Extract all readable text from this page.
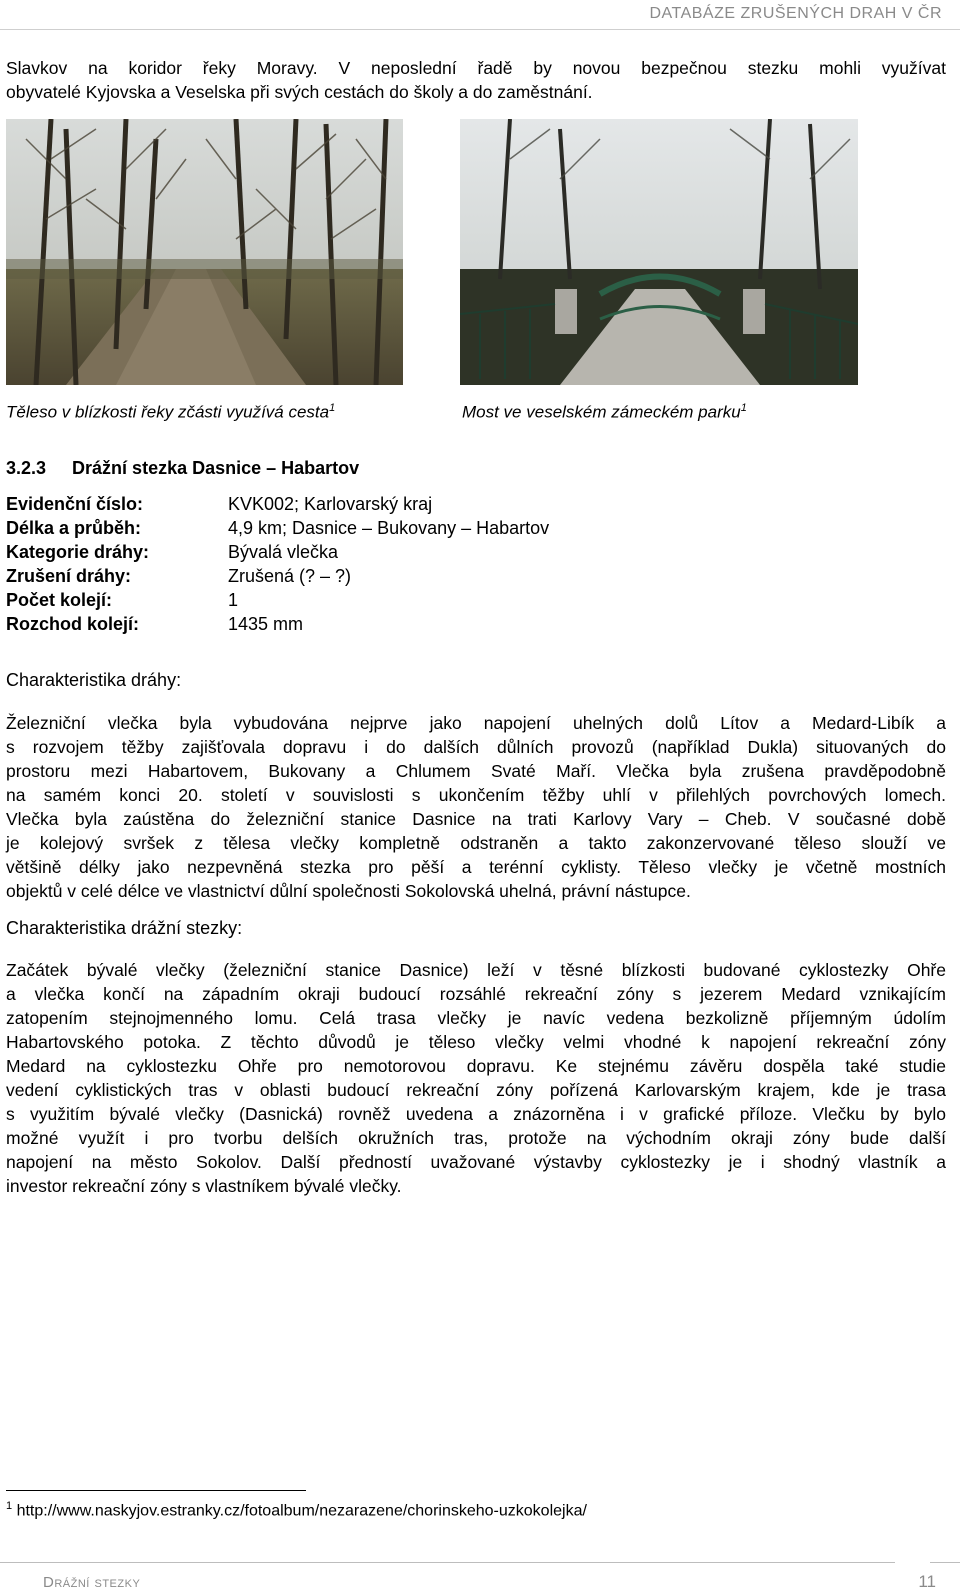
DATABÁZE ZRUŠENÝCH DRAH V ČR
Slavkov na koridor řeky Moravy. V neposlední řadě by novou bezpečnou stezku mohli využívat
obyvatelé Kyjovska a Veselska při svých cestách do školy a do zaměstnání.
Těleso v blízkosti řeky zčásti využívá cesta$^1$	Most ve veselském zámeckém parku$^1$
3.2.3 Drážní stezka Dasnice – Habartov
Evidenční číslo:	KVK002; Karlovarský kraj
Délka a průběh:	4,9 km; Dasnice – Bukovany – Habartov
Kategorie dráhy:	Bývalá vlečka
Zrušení dráhy:	Zrušená (? – ?)
Počet kolejí:	1
Rozchod kolejí:	1435 mm
Charakteristika dráhy:
Železniční vlečka byla vybudována nejprve jako napojení uhelných dolů Lítov a Medard-Libík a
s rozvojem těžby zajišťovala dopravu i do dalších důlních provozů (například Dukla) situovaných do
prostoru mezi Habartovem, Bukovany a Chlumem Svaté Maří. Vlečka byla zrušena pravděpodobně
na samém konci 20. století v souvislosti s ukončením těžby uhlí v přilehlých povrchových lomech.
Vlečka byla zaústěna do železniční stanice Dasnice na trati Karlovy Vary – Cheb. V současné době
je kolejový svršek z tělesa vlečky kompletně odstraněn a takto zakonzervované těleso slouží ve
většině délky jako nezpevněná stezka pro pěší a terénní cyklisty. Těleso vlečky je včetně mostních
objektů v celé délce ve vlastnictví důlní společnosti Sokolovská uhelná, právní nástupce.
Charakteristika drážní stezky:
Začátek bývalé vlečky (železniční stanice Dasnice) leží v těsné blízkosti budované cyklostezky Ohře
a vlečka končí na západním okraji budoucí rozsáhlé rekreační zóny s jezerem Medard vznikajícím
zatopením stejnojmenného lomu. Celá trasa vlečky je navíc vedena bezkolizně příjemným údolím
Habartovského potoka. Z těchto důvodů je těleso vlečky velmi vhodné k napojení rekreační zóny
Medard na cyklostezku Ohře pro nemotorovou dopravu. Ke stejnému závěru dospěla také studie
vedení cyklistických tras v oblasti budoucí rekreační zóny pořízená Karlovarským krajem, kde je trasa
s využitím bývalé vlečky (Dasnická) rovněž uvedena a znázorněna i v grafické příloze. Vlečku by bylo
možné využít i pro tvorbu delších okružních tras, protože na východním okraji zóny bude další
napojení na město Sokolov. Další předností uvažované výstavby cyklostezky je i shodný vlastník a
investor rekreační zóny s vlastníkem bývalé vlečky.
$^1$ http://www.naskyjov.estranky.cz/fotoalbum/nezarazene/chorinskeho-uzkokolejka/
Drážní stezky	11
